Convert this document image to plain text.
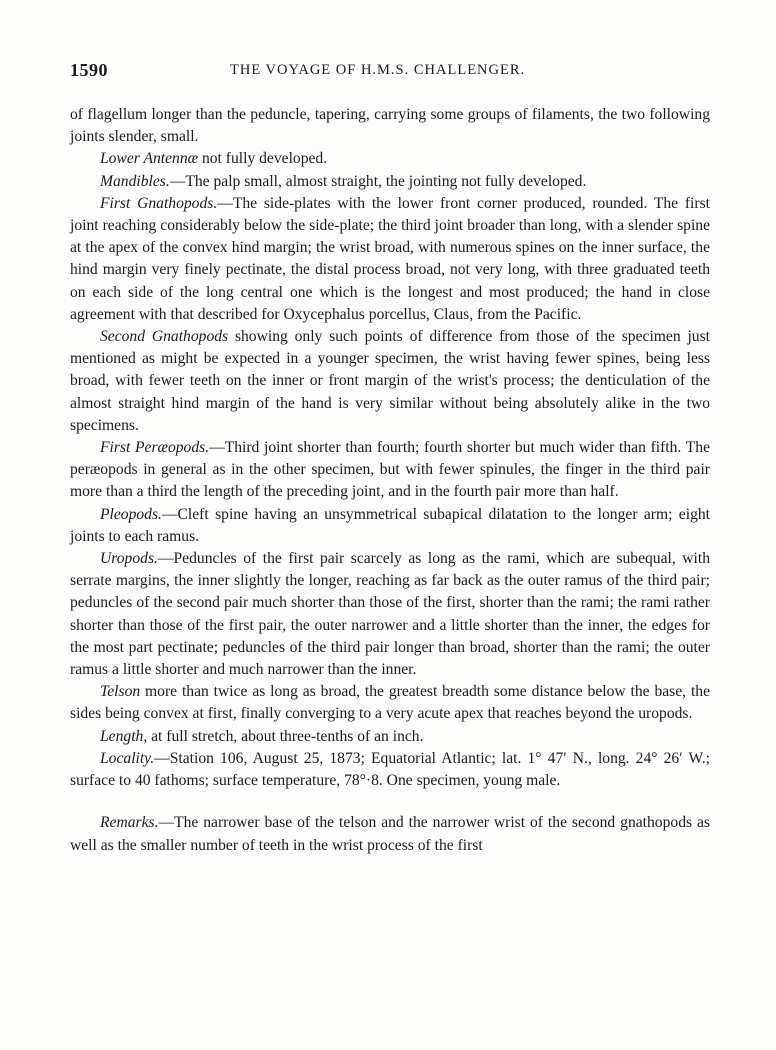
1590	THE VOYAGE OF H.M.S. CHALLENGER.

of flagellum longer than the peduncle, tapering, carrying some groups of filaments, the two following joints slender, small.

Lower Antennæ not fully developed.

Mandibles.—The palp small, almost straight, the jointing not fully developed.

First Gnathopods.—The side-plates with the lower front corner produced, rounded. The first joint reaching considerably below the side-plate; the third joint broader than long, with a slender spine at the apex of the convex hind margin; the wrist broad, with numerous spines on the inner surface, the hind margin very finely pectinate, the distal process broad, not very long, with three graduated teeth on each side of the long central one which is the longest and most produced; the hand in close agreement with that described for Oxycephalus porcellus, Claus, from the Pacific.

Second Gnathopods showing only such points of difference from those of the specimen just mentioned as might be expected in a younger specimen, the wrist having fewer spines, being less broad, with fewer teeth on the inner or front margin of the wrist's process; the denticulation of the almost straight hind margin of the hand is very similar without being absolutely alike in the two specimens.

First Peræopods.—Third joint shorter than fourth; fourth shorter but much wider than fifth. The peræopods in general as in the other specimen, but with fewer spinules, the finger in the third pair more than a third the length of the preceding joint, and in the fourth pair more than half.

Pleopods.—Cleft spine having an unsymmetrical subapical dilatation to the longer arm; eight joints to each ramus.

Uropods.—Peduncles of the first pair scarcely as long as the rami, which are subequal, with serrate margins, the inner slightly the longer, reaching as far back as the outer ramus of the third pair; peduncles of the second pair much shorter than those of the first, shorter than the rami; the rami rather shorter than those of the first pair, the outer narrower and a little shorter than the inner, the edges for the most part pectinate; peduncles of the third pair longer than broad, shorter than the rami; the outer ramus a little shorter and much narrower than the inner.

Telson more than twice as long as broad, the greatest breadth some distance below the base, the sides being convex at first, finally converging to a very acute apex that reaches beyond the uropods.

Length, at full stretch, about three-tenths of an inch.

Locality.—Station 106, August 25, 1873; Equatorial Atlantic; lat. 1° 47′ N., long. 24° 26′ W.; surface to 40 fathoms; surface temperature, 78°·8. One specimen, young male.

Remarks.—The narrower base of the telson and the narrower wrist of the second gnathopods as well as the smaller number of teeth in the wrist process of the first
